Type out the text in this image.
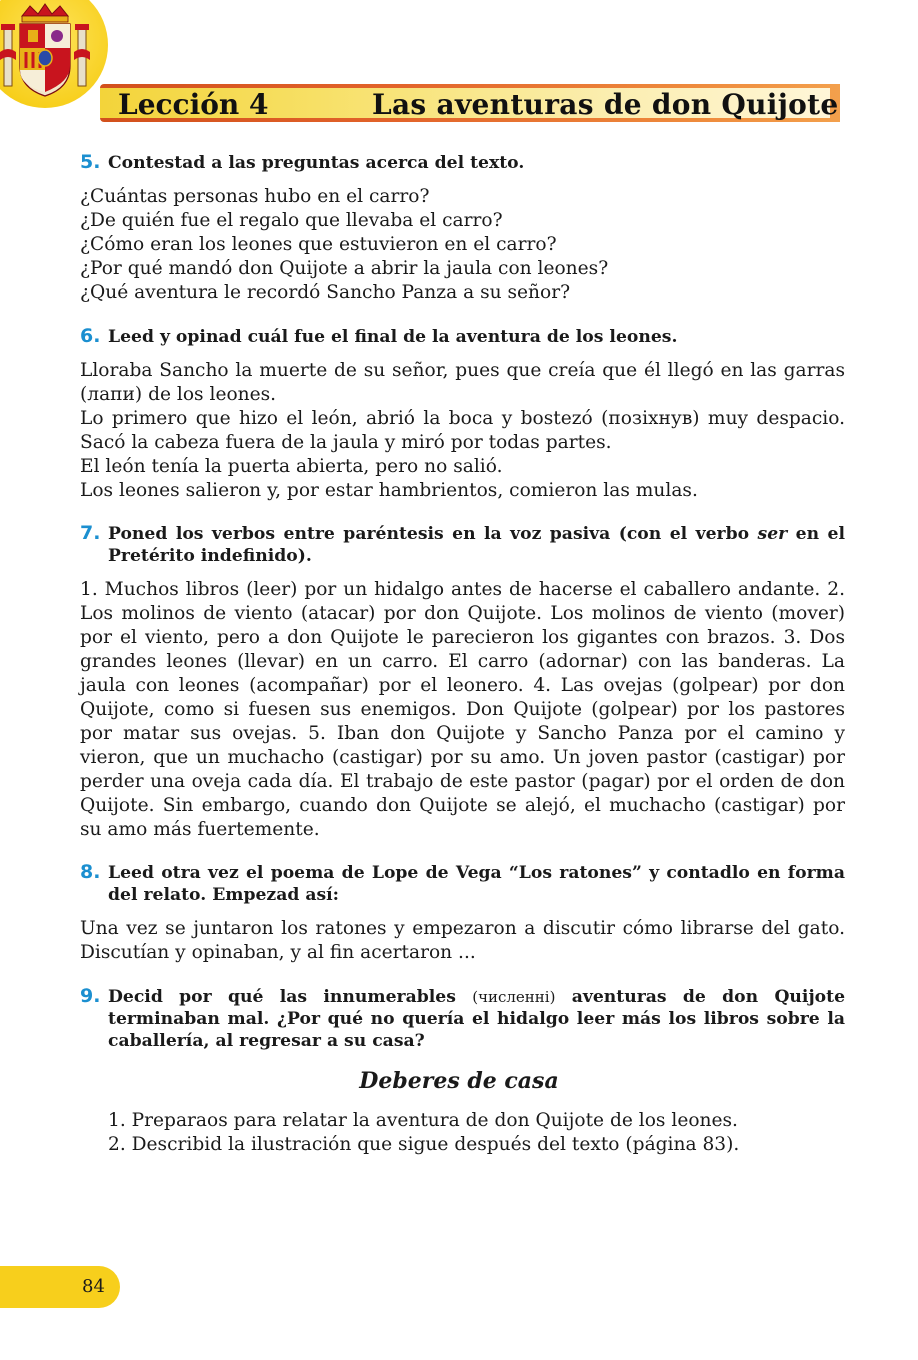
Lección 4	Las aventuras de don Quijote
5. Contestad a las preguntas acerca del texto.
¿Cuántas personas hubo en el carro?
¿De quién fue el regalo que llevaba el carro?
¿Cómo eran los leones que estuvieron en el carro?
¿Por qué mandó don Quijote a abrir la jaula con leones?
¿Qué aventura le recordó Sancho Panza a su señor?
6. Leed y opinad cuál fue el final de la aventura de los leones.
Lloraba Sancho la muerte de su señor, pues que creía que él llegó en las garras (лапи) de los leones.
Lo primero que hizo el león, abrió la boca y bostezó (позіхнув) muy despacio. Sacó la cabeza fuera de la jaula y miró por todas partes.
El león tenía la puerta abierta, pero no salió.
Los leones salieron y, por estar hambrientos, comieron las mulas.
7. Poned los verbos entre paréntesis en la voz pasiva (con el verbo ser en el Pretérito indefinido).
1. Muchos libros (leer) por un hidalgo antes de hacerse el caballero andante. 2. Los molinos de viento (atacar) por don Quijote. Los molinos de viento (mover) por el viento, pero a don Quijote le parecieron los gigantes con brazos. 3. Dos grandes leones (llevar) en un carro. El carro (adornar) con las banderas. La jaula con leones (acompañar) por el leonero. 4. Las ovejas (golpear) por don Quijote, como si fuesen sus enemigos. Don Quijote (golpear) por los pastores por matar sus ovejas. 5. Iban don Quijote y Sancho Panza por el camino y vieron, que un muchacho (castigar) por su amo. Un joven pastor (castigar) por perder una oveja cada día. El trabajo de este pastor (pagar) por el orden de don Quijote. Sin embargo, cuando don Quijote se alejó, el muchacho (castigar) por su amo más fuertemente.
8. Leed otra vez el poema de Lope de Vega “Los ratones” y contadlo en forma del relato. Empezad así:
Una vez se juntaron los ratones y empezaron a discutir cómo librarse del gato. Discutían y opinaban, y al fin acertaron ...
9. Decid por qué las innumerables (численні) aventuras de don Quijote terminaban mal. ¿Por qué no quería el hidalgo leer más los libros sobre la caballería, al regresar a su casa?
Deberes de casa
1. Preparaos para relatar la aventura de don Quijote de los leones.
2. Describid la ilustración que sigue después del texto (página 83).
84
